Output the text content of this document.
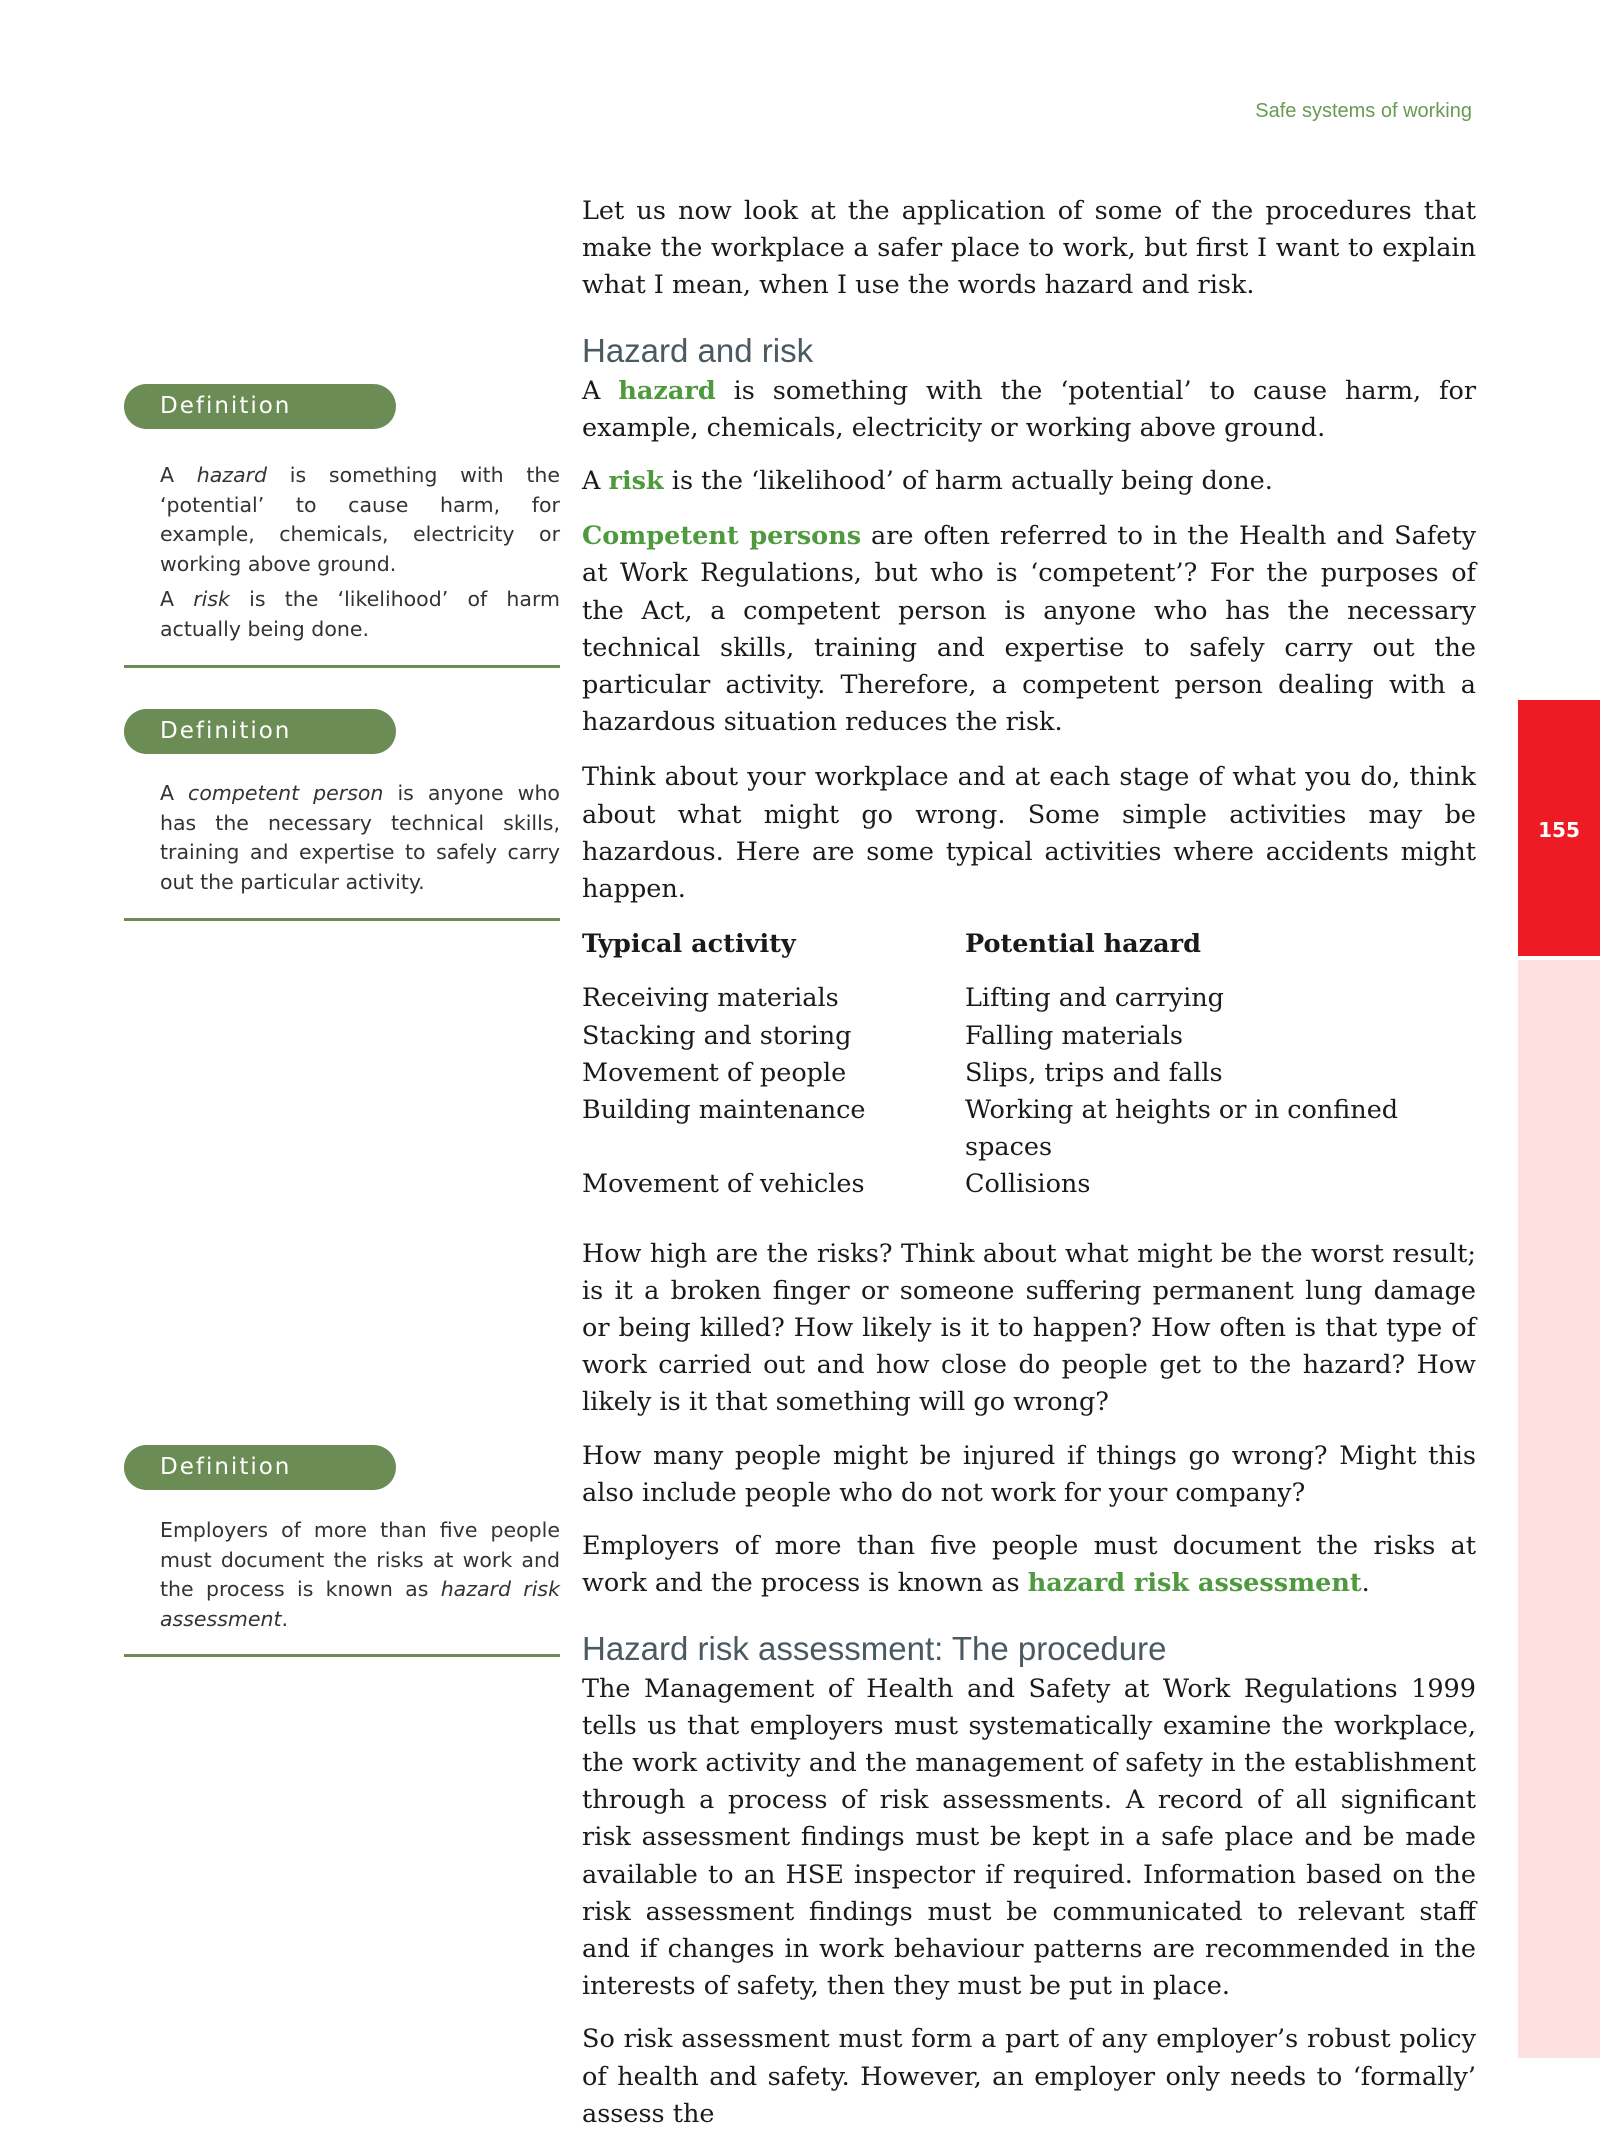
Safe systems of working
155
Definition

A hazard is something with the ‘potential’ to cause harm, for example, chemicals, electricity or working above ground.

A risk is the ‘likelihood’ of harm actually being done.

Definition

A competent person is anyone who has the necessary technical skills, training and expertise to safely carry out the particular activity.

Definition

Employers of more than five people must document the risks at work and the process is known as hazard risk assessment.

Let us now look at the application of some of the procedures that make the workplace a safer place to work, but first I want to explain what I mean, when I use the words hazard and risk.

Hazard and risk

A hazard is something with the ‘potential’ to cause harm, for example, chemicals, electricity or working above ground.

A risk is the ‘likelihood’ of harm actually being done.

Competent persons are often referred to in the Health and Safety at Work Regulations, but who is ‘competent’? For the purposes of the Act, a competent person is anyone who has the necessary technical skills, training and expertise to safely carry out the particular activity. Therefore, a competent person dealing with a hazardous situation reduces the risk.

Think about your workplace and at each stage of what you do, think about what might go wrong. Some simple activities may be hazardous. Here are some typical activities where accidents might happen.

Typical activity	Potential hazard
Receiving materials	Lifting and carrying
Stacking and storing	Falling materials
Movement of people	Slips, trips and falls
Building maintenance	Working at heights or in confined spaces
Movement of vehicles	Collisions

How high are the risks? Think about what might be the worst result; is it a broken finger or someone suffering permanent lung damage or being killed? How likely is it to happen? How often is that type of work carried out and how close do people get to the hazard? How likely is it that something will go wrong?

How many people might be injured if things go wrong? Might this also include people who do not work for your company?

Employers of more than five people must document the risks at work and the process is known as hazard risk assessment.

Hazard risk assessment: The procedure

The Management of Health and Safety at Work Regulations 1999 tells us that employers must systematically examine the workplace, the work activity and the management of safety in the establishment through a process of risk assessments. A record of all significant risk assessment findings must be kept in a safe place and be made available to an HSE inspector if required. Information based on the risk assessment findings must be communicated to relevant staff and if changes in work behaviour patterns are recommended in the interests of safety, then they must be put in place.

So risk assessment must form a part of any employer’s robust policy of health and safety. However, an employer only needs to ‘formally’ assess the
